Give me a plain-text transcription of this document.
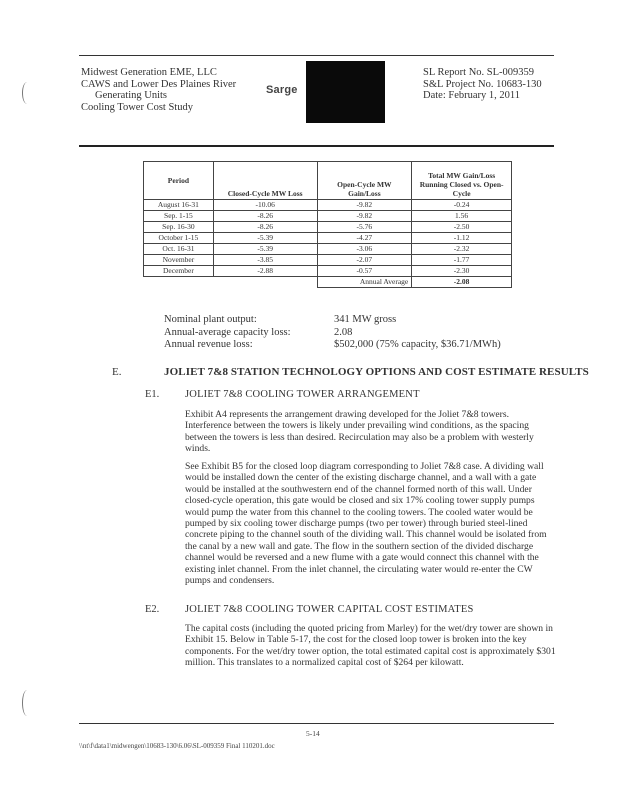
Midwest Generation EME, LLC
CAWS and Lower Des Plaines River
Generating Units
Cooling Tower Cost Study
Sarge
SL Report No. SL-009359
S&L Project No. 10683-130
Date: February 1, 2011
Period	Closed-Cycle MW Loss	Open-Cycle MW Gain/Loss	Total MW Gain/Loss Running Closed vs. Open-Cycle
August 16-31	-10.06	-9.82	-0.24
Sep. 1-15	-8.26	-9.82	1.56
Sep. 16-30	-8.26	-5.76	-2.50
October 1-15	-5.39	-4.27	-1.12
Oct. 16-31	-5.39	-3.06	-2.32
November	-3.85	-2.07	-1.77
December	-2.88	-0.57	-2.30
		Annual Average	-2.08
Nominal plant output:	341 MW gross
Annual-average capacity loss:	2.08
Annual revenue loss:	$502,000 (75% capacity, $36.71/MWh)
E.	JOLIET 7&8 STATION TECHNOLOGY OPTIONS AND COST ESTIMATE RESULTS
E1. JOLIET 7&8 COOLING TOWER ARRANGEMENT
Exhibit A4 represents the arrangement drawing developed for the Joliet 7&8 towers. Interference between the towers is likely under prevailing wind conditions, as the spacing between the towers is less than desired. Recirculation may also be a problem with westerly winds.
See Exhibit B5 for the closed loop diagram corresponding to Joliet 7&8 case. A dividing wall would be installed down the center of the existing discharge channel, and a wall with a gate would be installed at the southwestern end of the channel formed north of this wall. Under closed-cycle operation, this gate would be closed and six 17% cooling tower supply pumps would pump the water from this channel to the cooling towers. The cooled water would be pumped by six cooling tower discharge pumps (two per tower) through buried steel-lined concrete piping to the channel south of the dividing wall. This channel would be isolated from the canal by a new wall and gate. The flow in the southern section of the divided discharge channel would be reversed and a new flume with a gate would connect this channel with the existing inlet channel. From the inlet channel, the circulating water would re-enter the CW pumps and condensers.
E2. JOLIET 7&8 COOLING TOWER CAPITAL COST ESTIMATES
The capital costs (including the quoted pricing from Marley) for the wet/dry tower are shown in Exhibit 15. Below in Table 5-17, the cost for the closed loop tower is broken into the key components. For the wet/dry tower option, the total estimated capital cost is approximately $301 million. This translates to a normalized capital cost of $264 per kilowatt.
5-14
\\nt\f\data1\midwengen\10683-130\6.06\SL-009359 Final 110201.doc
